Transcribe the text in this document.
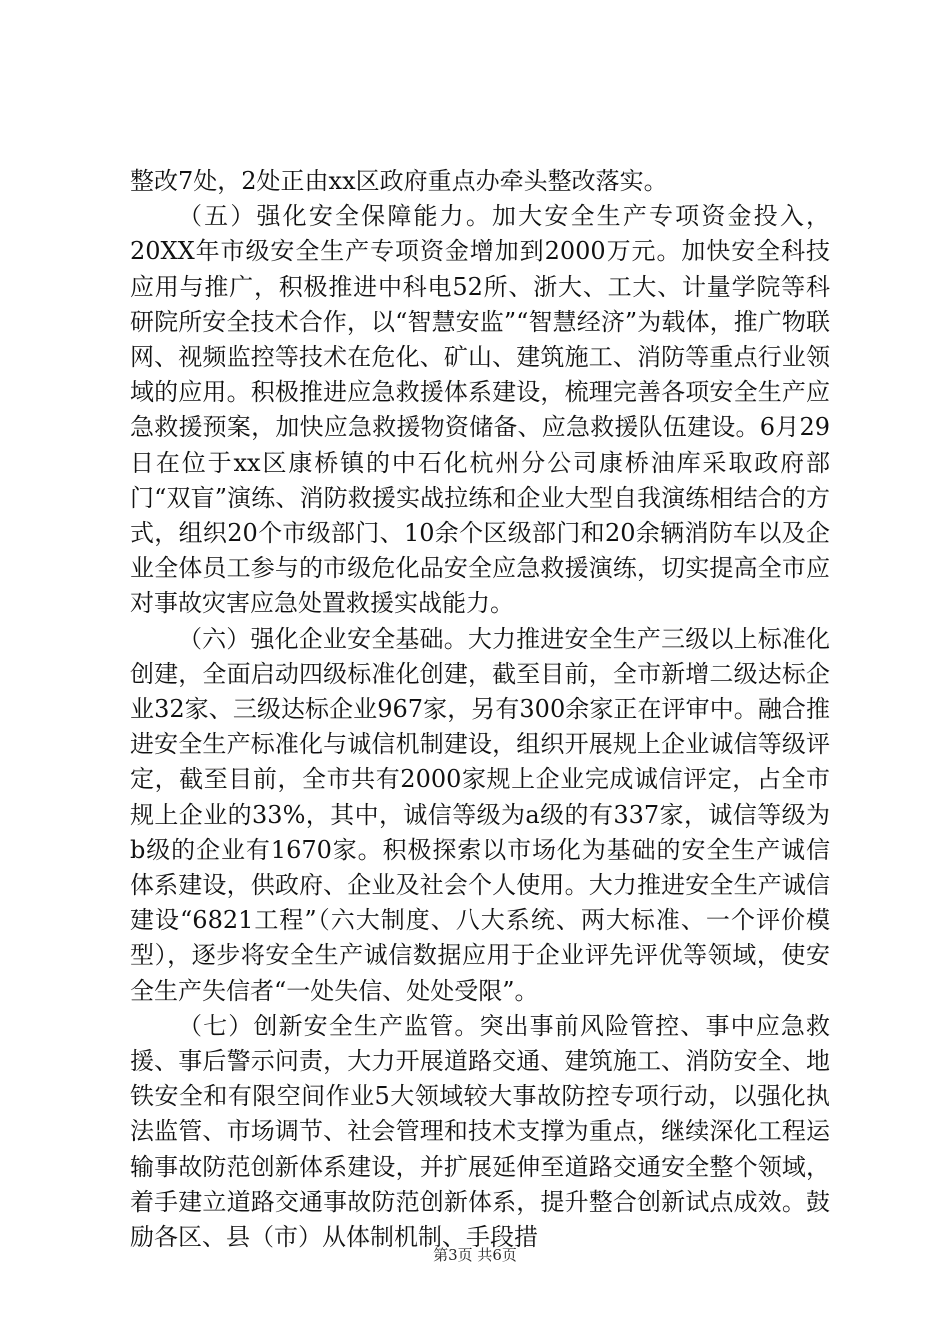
整改7处，2处正由xx区政府重点办牵头整改落实。

（五）强化安全保障能力。加大安全生产专项资金投入，20XX年市级安全生产专项资金增加到2000万元。加快安全科技应用与推广，积极推进中科电52所、浙大、工大、计量学院等科研院所安全技术合作，以“智慧安监”“智慧经济”为载体，推广物联网、视频监控等技术在危化、矿山、建筑施工、消防等重点行业领域的应用。积极推进应急救援体系建设，梳理完善各项安全生产应急救援预案，加快应急救援物资储备、应急救援队伍建设。6月29日在位于xx区康桥镇的中石化杭州分公司康桥油库采取政府部门“双盲”演练、消防救援实战拉练和企业大型自我演练相结合的方式，组织20个市级部门、10余个区级部门和20余辆消防车以及企业全体员工参与的市级危化品安全应急救援演练，切实提高全市应对事故灾害应急处置救援实战能力。

（六）强化企业安全基础。大力推进安全生产三级以上标准化创建，全面启动四级标准化创建，截至目前，全市新增二级达标企业32家、三级达标企业967家，另有300余家正在评审中。融合推进安全生产标准化与诚信机制建设，组织开展规上企业诚信等级评定，截至目前，全市共有2000家规上企业完成诚信评定，占全市规上企业的33%，其中，诚信等级为a级的有337家，诚信等级为b级的企业有1670家。积极探索以市场化为基础的安全生产诚信体系建设，供政府、企业及社会个人使用。大力推进安全生产诚信建设“6821工程”（六大制度、八大系统、两大标准、一个评价模型），逐步将安全生产诚信数据应用于企业评先评优等领域，使安全生产失信者“一处失信、处处受限”。

（七）创新安全生产监管。突出事前风险管控、事中应急救援、事后警示问责，大力开展道路交通、建筑施工、消防安全、地铁安全和有限空间作业5大领域较大事故防控专项行动，以强化执法监管、市场调节、社会管理和技术支撑为重点，继续深化工程运输事故防范创新体系建设，并扩展延伸至道路交通安全整个领域，着手建立道路交通事故防范创新体系，提升整合创新试点成效。鼓励各区、县（市）从体制机制、手段措

第3页 共6页
